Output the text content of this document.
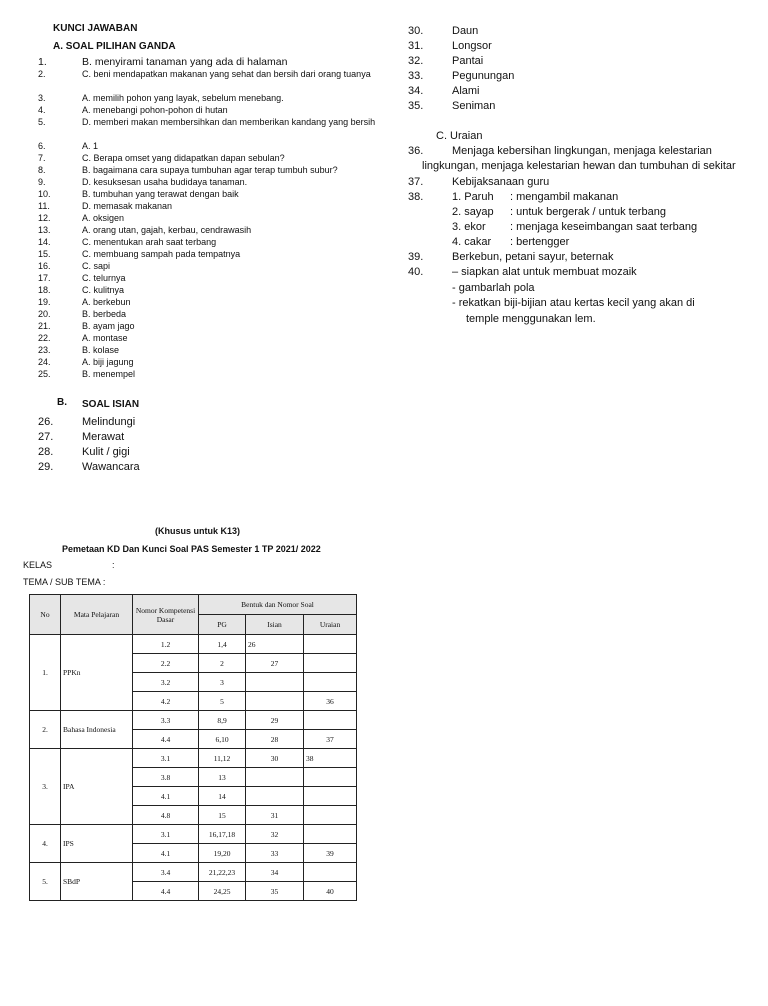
KUNCI JAWABAN
A. SOAL PILIHAN GANDA
1.	B. menyirami tanaman yang ada di halaman
2.	C. beni mendapatkan makanan yang sehat dan bersih dari orang tuanya
3.	A. memilih pohon yang layak, sebelum menebang.
4.	A. menebangi pohon-pohon di hutan
5.	D. memberi makan membersihkan dan memberikan kandang yang bersih
6.	A. 1
7.	C. Berapa omset yang didapatkan dapan sebulan?
8.	B. bagaimana cara supaya tumbuhan agar terap tumbuh subur?
9.	D. kesuksesan usaha budidaya tanaman.
10.	B. tumbuhan yang terawat dengan baik
11.	D. memasak makanan
12.	A. oksigen
13.	A. orang utan, gajah, kerbau, cendrawasih
14.	C. menentukan arah saat terbang
15.	C. membuang sampah pada tempatnya
16.	C. sapi
17.	C. telurnya
18.	C. kulitnya
19.	A. berkebun
20.	B. berbeda
21.	B. ayam jago
22.	A. montase
23.	B. kolase
24.	A. biji jagung
25.	B. menempel
B. SOAL ISIAN
26.	Melindungi
27.	Merawat
28.	Kulit / gigi
29.	Wawancara
30.	Daun
31.	Longsor
32.	Pantai
33.	Pegunungan
34.	Alami
35.	Seniman
C. Uraian
36.	Menjaga kebersihan lingkungan, menjaga kelestarian
lingkungan, menjaga kelestarian hewan dan tumbuhan di sekitar
37.	Kebijaksanaan guru
38.	1. Paruh : mengambil makanan
2. sayap : untuk bergerak / untuk terbang
3. ekor : menjaga keseimbangan saat terbang
4. cakar : bertengger
39.	Berkebun, petani sayur, beternak
40.	– siapkan alat untuk membuat mozaik
- gambarlah pola
- rekatkan biji-bijian atau kertas kecil yang akan di
temple menggunakan lem.
(Khusus untuk K13)
Pemetaan KD Dan Kunci Soal PAS Semester 1 TP 2021/ 2022
KELAS	:
TEMA / SUB TEMA :
No	Mata Pelajaran	Nomor Kompetensi Dasar	Bentuk dan Nomor Soal		
			PG	Isian	Uraian
1.	PPKn	1.2	1,4	26	
		2.2	2	27	
		3.2	3		
		4.2	5		36
2.	Bahasa Indonesia	3.3	8,9	29	
		4.4	6,10	28	37
3.	IPA	3.1	11,12	30	38
		3.8	13		
		4.1	14		
		4.8	15	31	
4.	IPS	3.1	16,17,18	32	
		4.1	19,20	33	39
5.	SBdP	3.4	21,22,23	34	
		4.4	24,25	35	40
